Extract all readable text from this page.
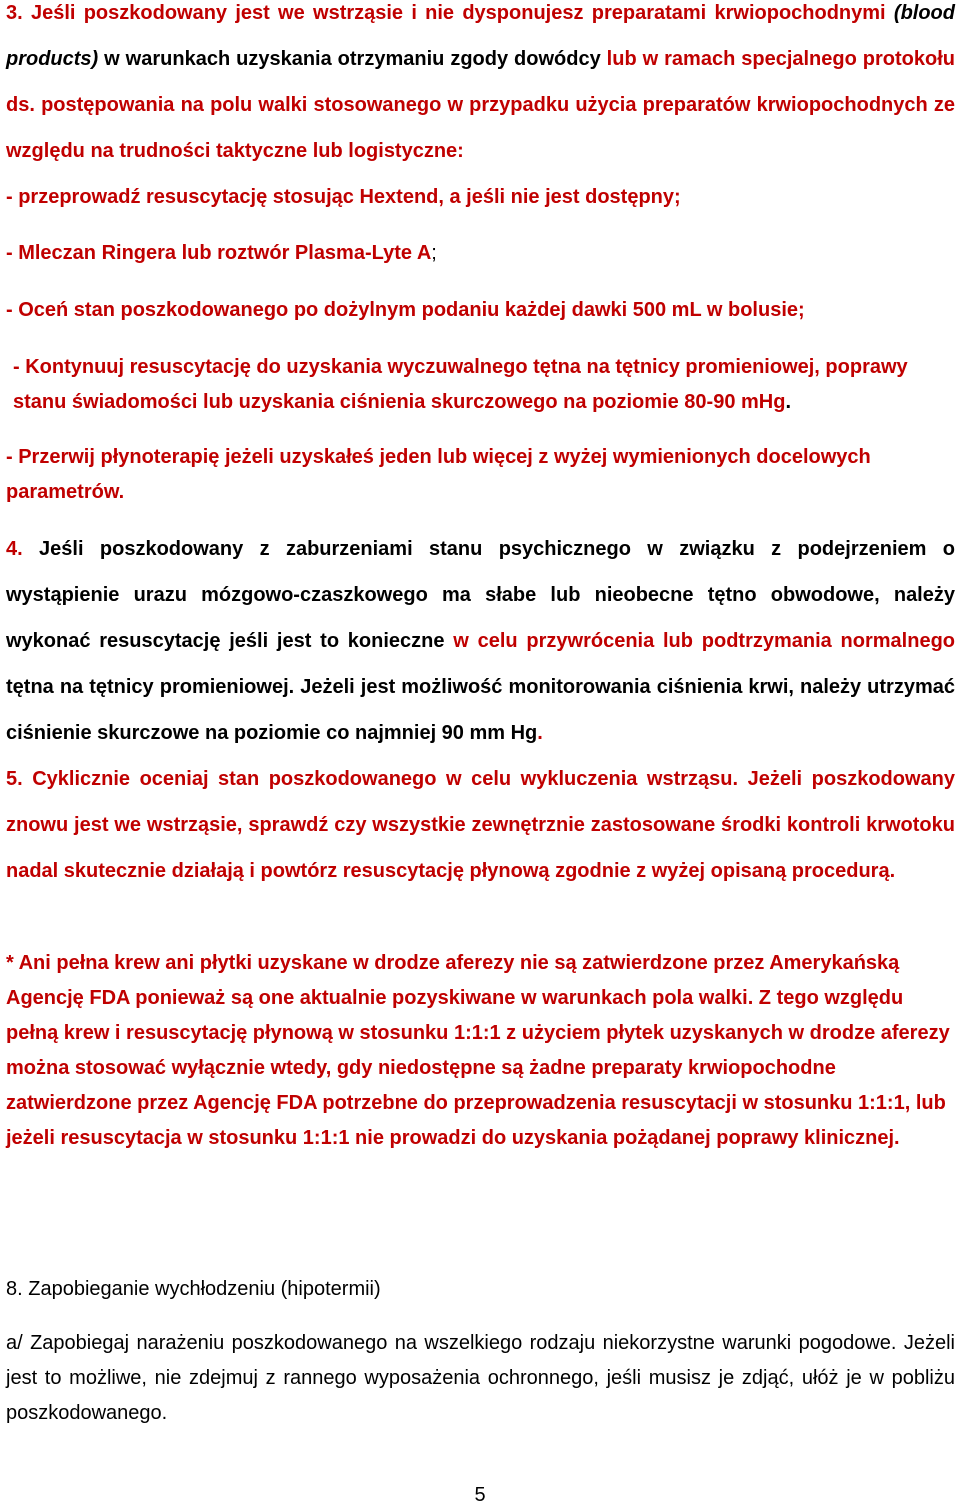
3. Jeśli poszkodowany jest we wstrząsie i nie dysponujesz preparatami krwiopochodnymi (blood products) w warunkach uzyskania otrzymaniu zgody dowódcy lub w ramach specjalnego protokołu ds. postępowania na polu walki stosowanego w przypadku użycia preparatów krwiopochodnych ze względu na trudności taktyczne lub logistyczne:
- przeprowadź resuscytację stosując Hextend, a jeśli nie jest dostępny;

- Mleczan Ringera lub roztwór Plasma-Lyte A;

- Oceń stan poszkodowanego po dożylnym podaniu każdej dawki 500 mL w bolusie;

- Kontynuuj resuscytację do uzyskania wyczuwalnego tętna na tętnicy promieniowej, poprawy stanu świadomości lub uzyskania ciśnienia skurczowego na poziomie 80-90 mHg.

- Przerwij płynoterapię jeżeli uzyskałeś jeden lub więcej z wyżej wymienionych docelowych parametrów.

4. Jeśli poszkodowany z zaburzeniami stanu psychicznego w związku z podejrzeniem o wystąpienie urazu mózgowo-czaszkowego ma słabe lub nieobecne tętno obwodowe, należy wykonać resuscytację jeśli jest to konieczne w celu przywrócenia lub podtrzymania normalnego tętna na tętnicy promieniowej. Jeżeli jest możliwość monitorowania ciśnienia krwi, należy utrzymać ciśnienie skurczowe na poziomie co najmniej 90 mm Hg.

5. Cyklicznie oceniaj stan poszkodowanego w celu wykluczenia wstrząsu. Jeżeli poszkodowany znowu jest we wstrząsie, sprawdź czy wszystkie zewnętrznie zastosowane środki kontroli krwotoku nadal skutecznie działają i powtórz resuscytację płynową zgodnie z wyżej opisaną procedurą.

* Ani pełna krew ani płytki uzyskane w drodze aferezy nie są zatwierdzone przez Amerykańską Agencję FDA ponieważ są one aktualnie pozyskiwane w warunkach pola walki. Z tego względu pełną krew i resuscytację płynową w stosunku 1:1:1 z użyciem płytek uzyskanych w drodze aferezy można stosować wyłącznie wtedy, gdy niedostępne są żadne preparaty krwiopochodne zatwierdzone przez Agencję FDA potrzebne do przeprowadzenia resuscytacji w stosunku 1:1:1, lub jeżeli resuscytacja w stosunku 1:1:1 nie prowadzi do uzyskania pożądanej poprawy klinicznej.

8. Zapobieganie wychłodzeniu (hipotermii)

a/ Zapobiegaj narażeniu poszkodowanego na wszelkiego rodzaju niekorzystne warunki pogodowe. Jeżeli jest to możliwe, nie zdejmuj z rannego wyposażenia ochronnego, jeśli musisz je zdjąć, ułóż je w pobliżu poszkodowanego.

5
